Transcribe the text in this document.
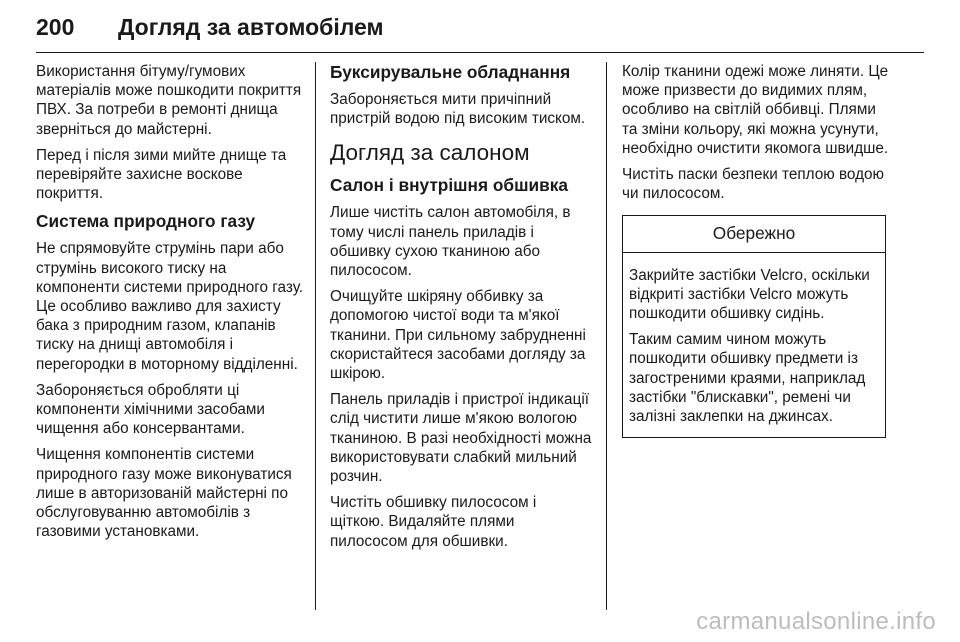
200 Догляд за автомобілем

Використання бітуму/гумових матеріалів може пошкодити покриття ПВХ. За потреби в ремонті днища зверніться до майстерні.

Перед і після зими мийте днище та перевіряйте захисне воскове покриття.

Система природного газу

Не спрямовуйте струмінь пари або струмінь високого тиску на компоненти системи природного газу. Це особливо важливо для захисту бака з природним газом, клапанів тиску на днищі автомобіля і перегородки в моторному відділенні.

Забороняється обробляти ці компоненти хімічними засобами чищення або консервантами.

Чищення компонентів системи природного газу може виконуватися лише в авторизованій майстерні по обслуговуванню автомобілів з газовими установками.

Буксирувальне обладнання

Забороняється мити причіпний пристрій водою під високим тиском.

Догляд за салоном
Салон і внутрішня обшивка

Лише чистіть салон автомобіля, в тому числі панель приладів і обшивку сухою тканиною або пилососом.

Очищуйте шкіряну оббивку за допомогою чистої води та м'якої тканини. При сильному забрудненні скористайтеся засобами догляду за шкірою.

Панель приладів і пристрої індикації слід чистити лише м'якою вологою тканиною. В разі необхідності можна використовувати слабкий мильний розчин.

Чистіть обшивку пилососом і щіткою. Видаляйте плями пилососом для обшивки.

Колір тканини одежі може линяти. Це може призвести до видимих плям, особливо на світлій оббивці. Плями та зміни кольору, які можна усунути, необхідно очистити якомога швидше.

Чистіть паски безпеки теплою водою чи пилососом.

Обережно

Закрийте застібки Velcro, оскільки відкриті застібки Velcro можуть пошкодити обшивку сидінь.

Таким самим чином можуть пошкодити обшивку предмети із загостреними краями, наприклад застібки "блискавки", ремені чи залізні заклепки на джинсах.

carmanualsonline.info
